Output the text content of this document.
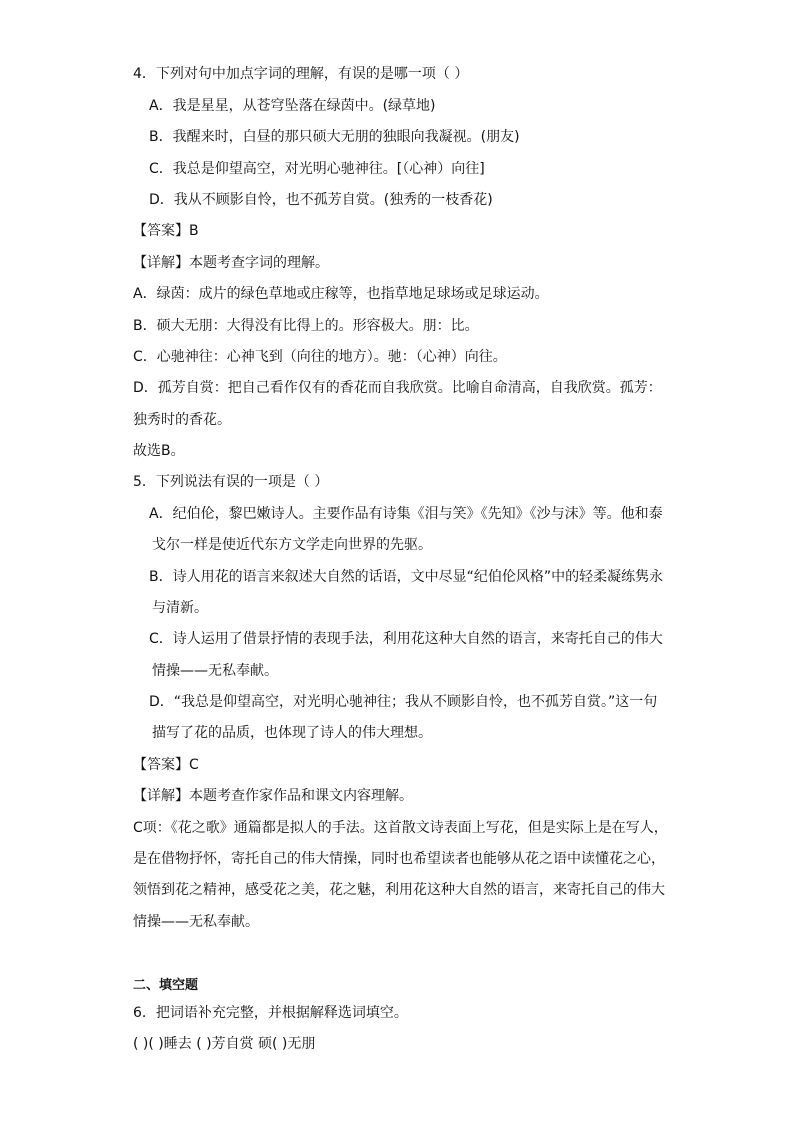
4．下列对句中加点字词的理解，有误的是哪一项（ ）
A．我是星星，从苍穹坠落在绿茵中。(绿草地)
B．我醒来时，白昼的那只硕大无朋的独眼向我凝视。(朋友)
C．我总是仰望高空，对光明心驰神往。[（心神）向往]
D．我从不顾影自怜，也不孤芳自赏。(独秀的一枝香花)
【答案】B
【详解】本题考查字词的理解。
A．绿茵：成片的绿色草地或庄稼等，也指草地足球场或足球运动。
B．硕大无朋：大得没有比得上的。形容极大。朋：比。
C．心驰神往：心神飞到（向往的地方）。驰：（心神）向往。
D．孤芳自赏：把自己看作仅有的香花而自我欣赏。比喻自命清高，自我欣赏。孤芳：
独秀时的香花。
故选B。
5．下列说法有误的一项是（ ）
A．纪伯伦，黎巴嫩诗人。主要作品有诗集《泪与笑》《先知》《沙与沫》等。他和泰
戈尔一样是使近代东方文学走向世界的先驱。
B．诗人用花的语言来叙述大自然的话语，文中尽显“纪伯伦风格”中的轻柔凝练隽永
与清新。
C．诗人运用了借景抒情的表现手法，利用花这种大自然的语言，来寄托自己的伟大
情操——无私奉献。
D．“我总是仰望高空，对光明心驰神往；我从不顾影自怜，也不孤芳自赏。”这一句
描写了花的品质，也体现了诗人的伟大理想。
【答案】C
【详解】本题考查作家作品和课文内容理解。
C项：《花之歌》通篇都是拟人的手法。这首散文诗表面上写花，但是实际上是在写人，
是在借物抒怀，寄托自己的伟大情操，同时也希望读者也能够从花之语中读懂花之心，
领悟到花之精神，感受花之美，花之魅，利用花这种大自然的语言，来寄托自己的伟大
情操——无私奉献。
二、填空题
6．把词语补充完整，并根据解释选词填空。
( )( )睡去 ( )芳自赏 硕( )无朋
